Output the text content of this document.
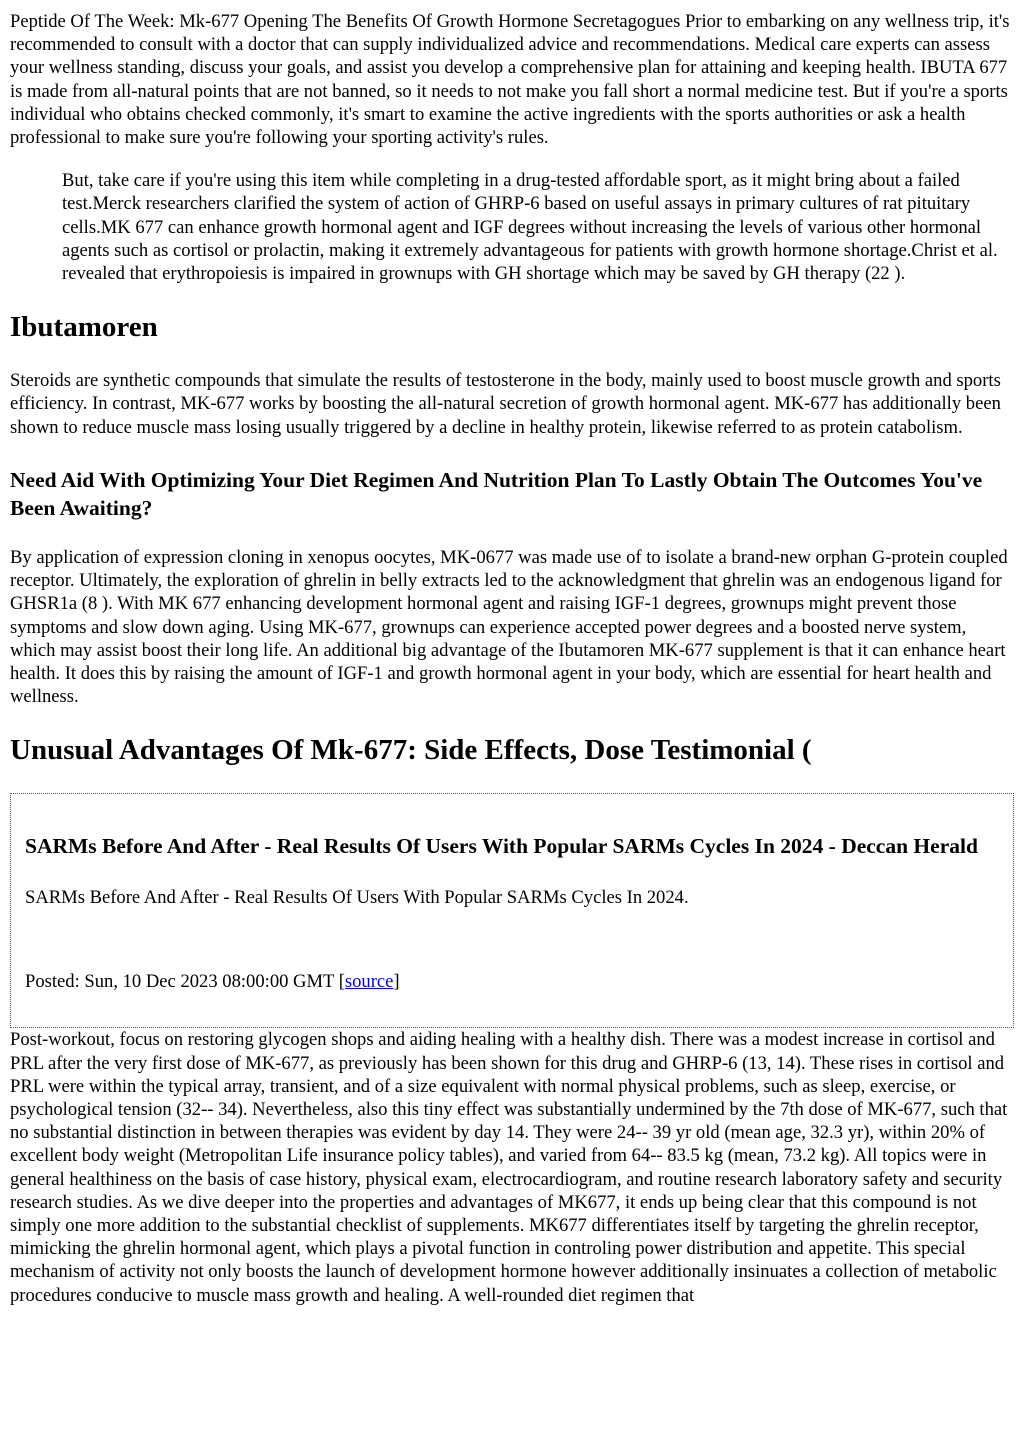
Peptide Of The Week: Mk-677 Opening The Benefits Of Growth Hormone Secretagogues Prior to embarking on any wellness trip, it's recommended to consult with a doctor that can supply individualized advice and recommendations. Medical care experts can assess your wellness standing, discuss your goals, and assist you develop a comprehensive plan for attaining and keeping health. IBUTA 677 is made from all-natural points that are not banned, so it needs to not make you fall short a normal medicine test. But if you're a sports individual who obtains checked commonly, it's smart to examine the active ingredients with the sports authorities or ask a health professional to make sure you're following your sporting activity's rules.

But, take care if you're using this item while completing in a drug-tested affordable sport, as it might bring about a failed test.Merck researchers clarified the system of action of GHRP-6 based on useful assays in primary cultures of rat pituitary cells.MK 677 can enhance growth hormonal agent and IGF degrees without increasing the levels of various other hormonal agents such as cortisol or prolactin, making it extremely advantageous for patients with growth hormone shortage.Christ et al. revealed that erythropoiesis is impaired in grownups with GH shortage which may be saved by GH therapy (22 ).

Ibutamoren

Steroids are synthetic compounds that simulate the results of testosterone in the body, mainly used to boost muscle growth and sports efficiency. In contrast, MK-677 works by boosting the all-natural secretion of growth hormonal agent. MK-677 has additionally been shown to reduce muscle mass losing usually triggered by a decline in healthy protein, likewise referred to as protein catabolism.

Need Aid With Optimizing Your Diet Regimen And Nutrition Plan To Lastly Obtain The Outcomes You've Been Awaiting?

By application of expression cloning in xenopus oocytes, MK-0677 was made use of to isolate a brand-new orphan G-protein coupled receptor. Ultimately, the exploration of ghrelin in belly extracts led to the acknowledgment that ghrelin was an endogenous ligand for GHSR1a (8 ). With MK 677 enhancing development hormonal agent and raising IGF-1 degrees, grownups might prevent those symptoms and slow down aging. Using MK-677, grownups can experience accepted power degrees and a boosted nerve system, which may assist boost their long life. An additional big advantage of the Ibutamoren MK-677 supplement is that it can enhance heart health. It does this by raising the amount of IGF-1 and growth hormonal agent in your body, which are essential for heart health and wellness.

Unusual Advantages Of Mk-677: Side Effects, Dose Testimonial (

SARMs Before And After - Real Results Of Users With Popular SARMs Cycles In 2024 - Deccan Herald

SARMs Before And After - Real Results Of Users With Popular SARMs Cycles In 2024.

Posted: Sun, 10 Dec 2023 08:00:00 GMT [source]

Post-workout, focus on restoring glycogen shops and aiding healing with a healthy dish. There was a modest increase in cortisol and PRL after the very first dose of MK-677, as previously has been shown for this drug and GHRP-6 (13, 14). These rises in cortisol and PRL were within the typical array, transient, and of a size equivalent with normal physical problems, such as sleep, exercise, or psychological tension (32-- 34). Nevertheless, also this tiny effect was substantially undermined by the 7th dose of MK-677, such that no substantial distinction in between therapies was evident by day 14. They were 24-- 39 yr old (mean age, 32.3 yr), within 20% of excellent body weight (Metropolitan Life insurance policy tables), and varied from 64-- 83.5 kg (mean, 73.2 kg). All topics were in general healthiness on the basis of case history, physical exam, electrocardiogram, and routine research laboratory safety and security research studies. As we dive deeper into the properties and advantages of MK677, it ends up being clear that this compound is not simply one more addition to the substantial checklist of supplements. MK677 differentiates itself by targeting the ghrelin receptor, mimicking the ghrelin hormonal agent, which plays a pivotal function in controling power distribution and appetite. This special mechanism of activity not only boosts the launch of development hormone however additionally insinuates a collection of metabolic procedures conducive to muscle mass growth and healing. A well-rounded diet regimen that
